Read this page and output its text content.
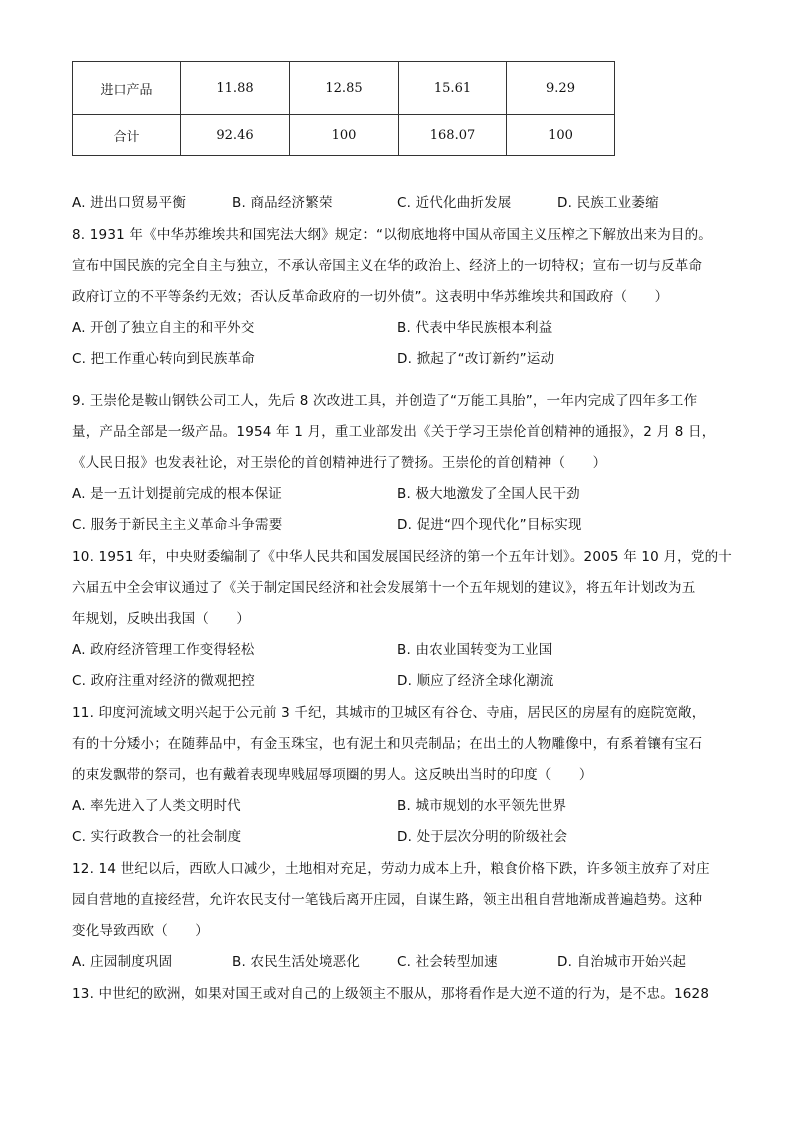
进口产品	11.88	12.85	15.61	9.29
合计	92.46	100	168.07	100
A. 进出口贸易平衡	B. 商品经济繁荣	C. 近代化曲折发展	D. 民族工业萎缩
8. 1931 年《中华苏维埃共和国宪法大纲》规定：“以彻底地将中国从帝国主义压榨之下解放出来为目的。
宣布中国民族的完全自主与独立，不承认帝国主义在华的政治上、经济上的一切特权；宣布一切与反革命
政府订立的不平等条约无效；否认反革命政府的一切外债”。这表明中华苏维埃共和国政府（　　）
A. 开创了独立自主的和平外交	B. 代表中华民族根本利益
C. 把工作重心转向到民族革命	D. 掀起了“改订新约”运动
9. 王崇伦是鞍山钢铁公司工人，先后 8 次改进工具，并创造了“万能工具胎”，一年内完成了四年多工作
量，产品全部是一级产品。1954 年 1 月，重工业部发出《关于学习王崇伦首创精神的通报》，2 月 8 日，
《人民日报》也发表社论，对王崇伦的首创精神进行了赞扬。王崇伦的首创精神（　　）
A. 是一五计划提前完成的根本保证	B. 极大地激发了全国人民干劲
C. 服务于新民主主义革命斗争需要	D. 促进“四个现代化”目标实现
10. 1951 年，中央财委编制了《中华人民共和国发展国民经济的第一个五年计划》。2005 年 10 月，党的十
六届五中全会审议通过了《关于制定国民经济和社会发展第十一个五年规划的建议》，将五年计划改为五
年规划，反映出我国（　　）
A. 政府经济管理工作变得轻松	B. 由农业国转变为工业国
C. 政府注重对经济的微观把控	D. 顺应了经济全球化潮流
11. 印度河流域文明兴起于公元前 3 千纪，其城市的卫城区有谷仓、寺庙，居民区的房屋有的庭院宽敞，
有的十分矮小；在随葬品中，有金玉珠宝，也有泥土和贝壳制品；在出土的人物雕像中，有系着镶有宝石
的束发飘带的祭司，也有戴着表现卑贱屈辱项圈的男人。这反映出当时的印度（　　）
A. 率先进入了人类文明时代	B. 城市规划的水平领先世界
C. 实行政教合一的社会制度	D. 处于层次分明的阶级社会
12. 14 世纪以后，西欧人口减少，土地相对充足，劳动力成本上升，粮食价格下跌，许多领主放弃了对庄
园自营地的直接经营，允许农民支付一笔钱后离开庄园，自谋生路，领主出租自营地渐成普遍趋势。这种
变化导致西欧（　　）
A. 庄园制度巩固	B. 农民生活处境恶化	C. 社会转型加速	D. 自治城市开始兴起
13. 中世纪的欧洲，如果对国王或对自己的上级领主不服从，那将看作是大逆不道的行为，是不忠。1628
